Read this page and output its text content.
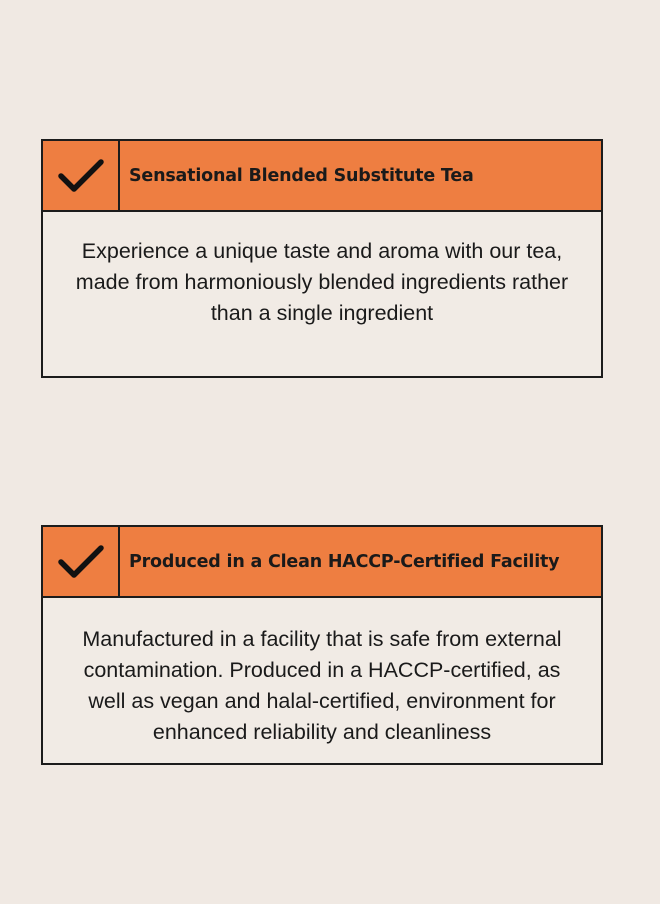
Sensational Blended Substitute Tea

Experience a unique taste and aroma with our tea, made from harmoniously blended ingredients rather than a single ingredient

Produced in a Clean HACCP-Certified Facility

Manufactured in a facility that is safe from external contamination. Produced in a HACCP-certified, as well as vegan and halal-certified, environment for enhanced reliability and cleanliness
